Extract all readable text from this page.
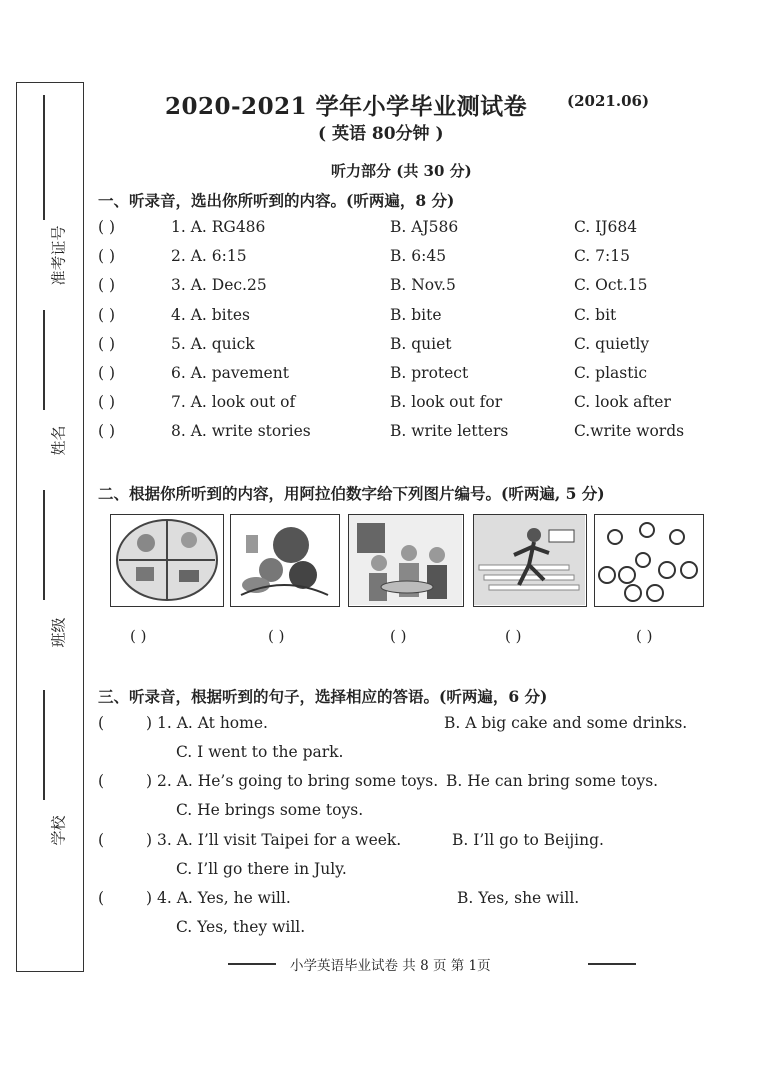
准考证号
姓名
班级
学校
2020-2021 学年小学毕业测试卷	(2021.06)
( 英语 80分钟 )
听力部分 (共 30 分)
一、听录音，选出你所听到的内容。(听两遍，8 分)
( )	1. A. RG486	B. AJ586	C. IJ684
( )	2. A. 6:15	B. 6:45	C. 7:15
( )	3. A. Dec.25	B. Nov.5	C. Oct.15
( )	4. A. bites	B. bite	C. bit
( )	5. A. quick	B. quiet	C. quietly
( )	6. A. pavement	B. protect	C. plastic
( )	7. A. look out of	B. look out for	C. look after
( )	8. A. write stories	B. write letters	C.write words
二、根据你所听到的内容，用阿拉伯数字给下列图片编号。(听两遍, 5 分)
( )	( )	( )	( )	( )
三、听录音，根据听到的句子，选择相应的答语。(听两遍，6 分)
(	) 1. A. At home.	B. A big cake and some drinks.
C. I went to the park.
(	) 2. A. He’s going to bring some toys. B. He can bring some toys.
C. He brings some toys.
(	) 3. A. I’ll visit Taipei for a week.	B. I’ll go to Beijing.
C. I’ll go there in July.
(	) 4. A. Yes, he will.	B. Yes, she will.
C. Yes, they will.
小学英语毕业试卷 共 8 页 第 1页
